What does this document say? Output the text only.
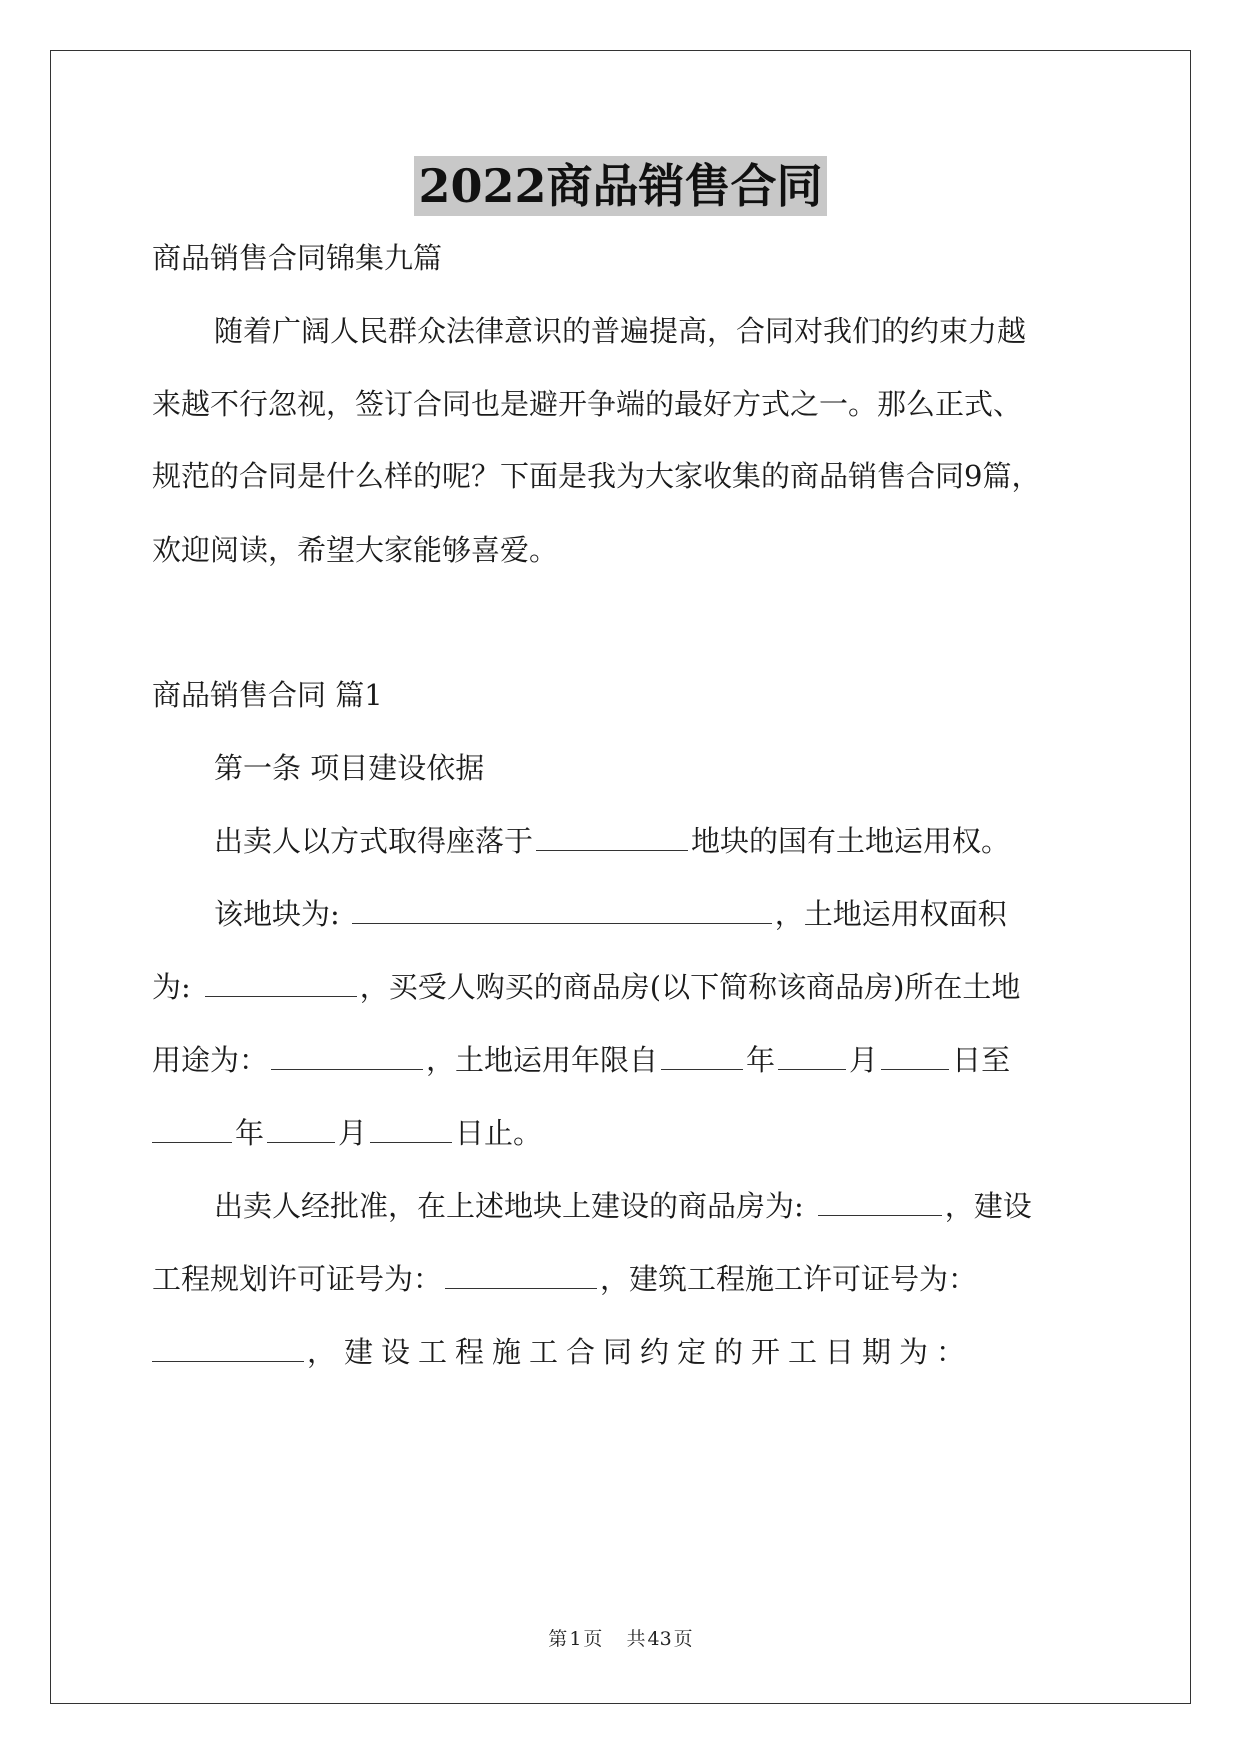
2022商品销售合同
商品销售合同锦集九篇
随着广阔人民群众法律意识的普遍提高，合同对我们的约束力越
来越不行忽视，签订合同也是避开争端的最好方式之一。那么正式、
规范的合同是什么样的呢？下面是我为大家收集的商品销售合同9篇，
欢迎阅读，希望大家能够喜爱。
商品销售合同 篇1
第一条 项目建设依据
出卖人以方式取得座落于	地块的国有土地运用权。
该地块为:	，土地运用权面积
为:	，买受人购买的商品房(以下简称该商品房)所在土地
用途为：	，土地运用年限自	年	月	日至
年	月	日止。
出卖人经批准，在上述地块上建设的商品房为:	，建设
工程规划许可证号为：	，建筑工程施工许可证号为：
，建设工程施工合同约定的开工日期为：
第 1 页 共 43 页
